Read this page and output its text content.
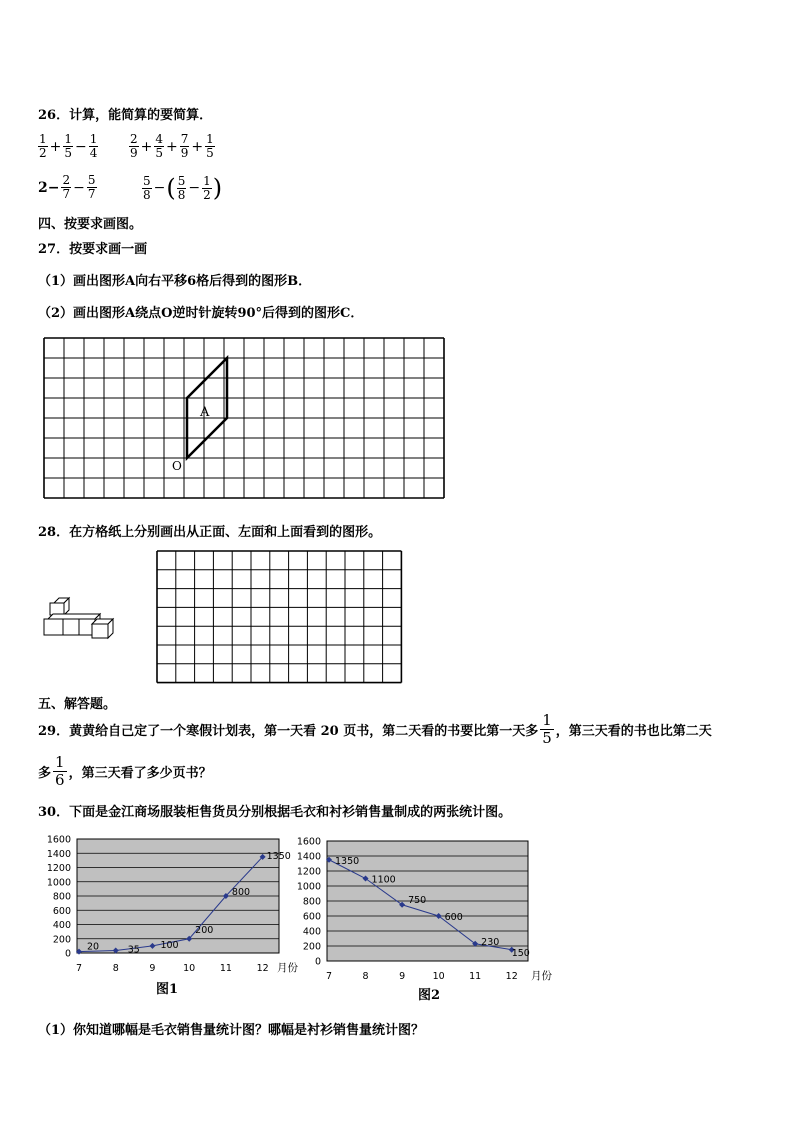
26．计算，能简算的要简算．
$\frac{1}{2} + \frac{1}{5} - \frac{1}{4}$	$\frac{2}{9} + \frac{4}{5} + \frac{7}{9} + \frac{1}{5}$
$2- \frac{2}{7} - \frac{5}{7}$	$\frac{5}{8}$ −( $\frac{5}{8} - \frac{1}{2}$ )
四、按要求画图。
27．按要求画一画
（1）画出图形A向右平移6格后得到的图形B．
（2）画出图形A绕点O逆时针旋转90°后得到的图形C．
A
O
28．在方格纸上分别画出从正面、左面和上面看到的图形。
五、解答题。
29．黄黄给自己定了一个寒假计划表，第一天看 20 页书，第二天看的书要比第一天多 $\frac{1}{5}$ ，第三天看的书也比第二天
多 $\frac{1}{6}$ ，第三天看了多少页书？
30．下面是金江商场服装柜售货员分别根据毛衣和衬衫销售量制成的两张统计图。
0
200
400
600
800
1000
1200
1400
1600
20
7
35
8
100
9
200
10
800
11
1350
12 月份
图1
0
200
400
600
800
1000
1200
1400
1600
1350
7
1100
8
750
9
600
10
230
11
150
12 月份
图2
（1）你知道哪幅是毛衣销售量统计图？哪幅是衬衫销售量统计图？
